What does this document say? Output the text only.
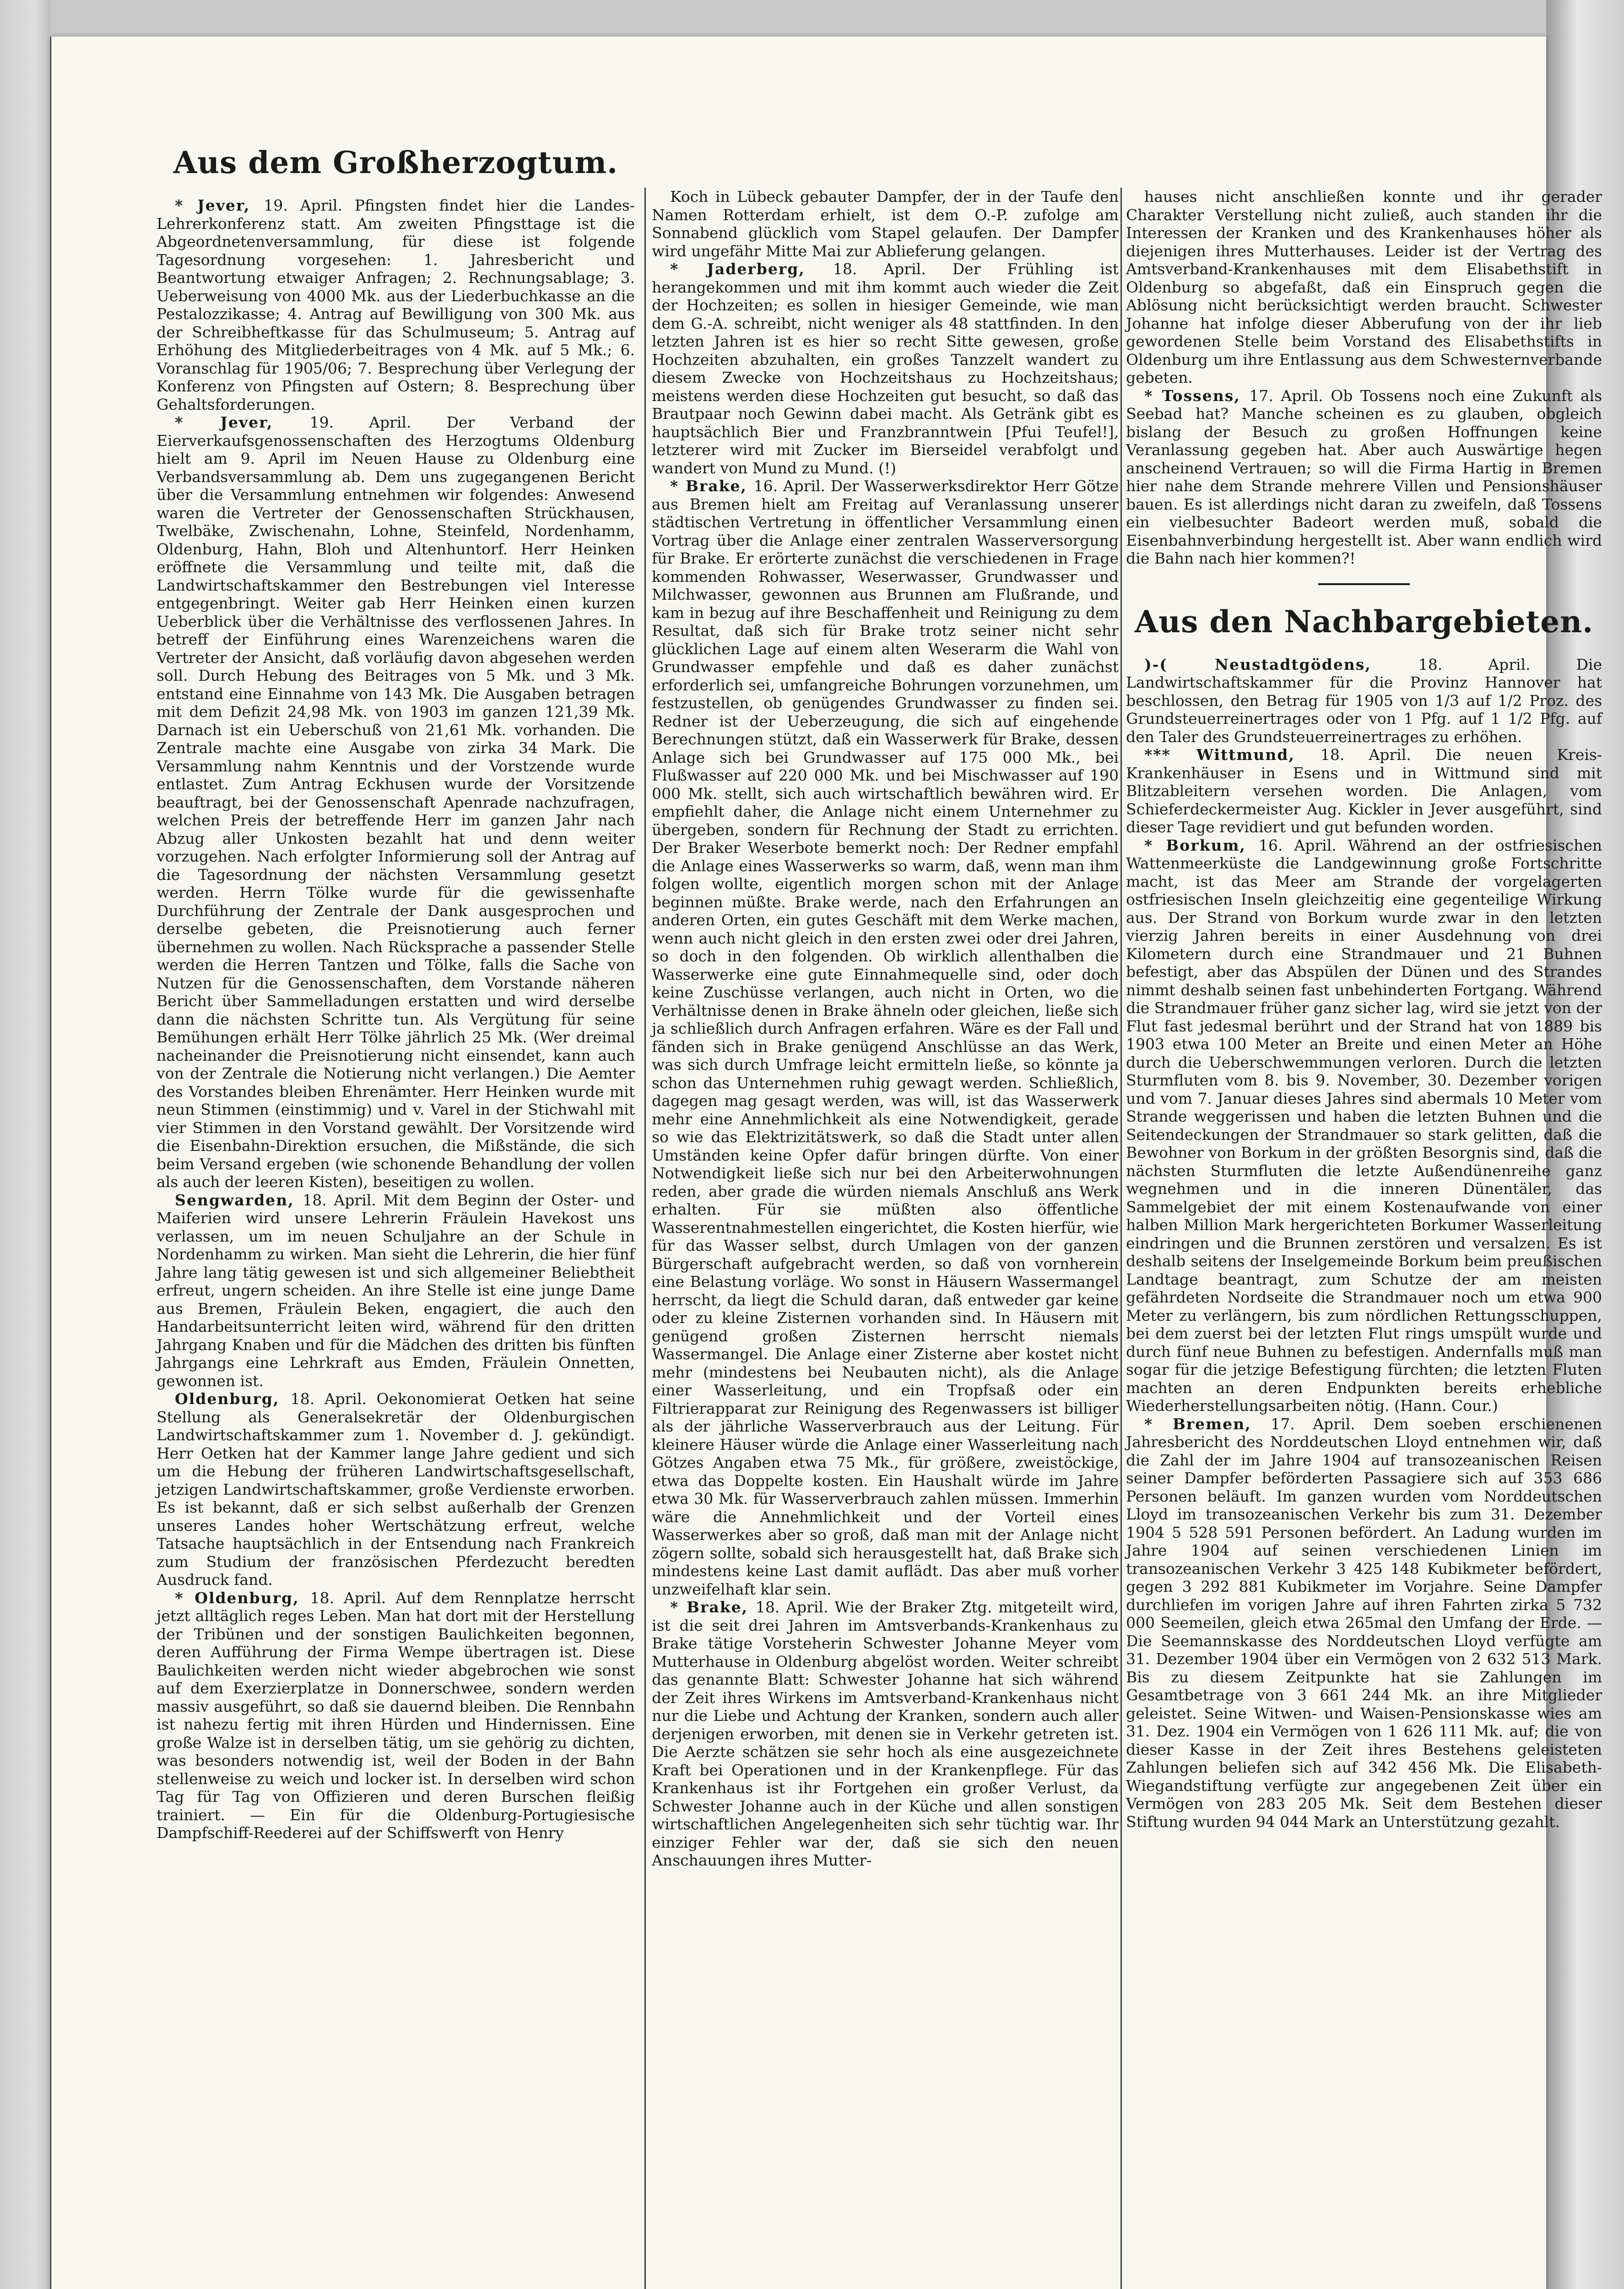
Aus dem Großherzogtum.

* Jever, 19. April. Pfingsten findet hier die Landes-Lehrerkonferenz statt. Am zweiten Pfingsttage ist die Abgeordnetenversammlung, für diese ist folgende Tagesordnung vorgesehen: 1. Jahresbericht und Beantwortung etwaiger Anfragen; 2. Rechnungsablage; 3. Ueberweisung von 4000 Mk. aus der Liederbuchkasse an die Pestalozzikasse; 4. Antrag auf Bewilligung von 300 Mk. aus der Schreibheftkasse für das Schulmuseum; 5. Antrag auf Erhöhung des Mitgliederbeitrages von 4 Mk. auf 5 Mk.; 6. Voranschlag für 1905/06; 7. Besprechung über Verlegung der Konferenz von Pfingsten auf Ostern; 8. Besprechung über Gehaltsforderungen.

* Jever, 19. April. Der Verband der Eierverkaufsgenossenschaften des Herzogtums Oldenburg hielt am 9. April im Neuen Hause zu Oldenburg eine Verbandsversammlung ab. Dem uns zugegangenen Bericht über die Versammlung entnehmen wir folgendes: Anwesend waren die Vertreter der Genossenschaften Strückhausen, Twelbäke, Zwischenahn, Lohne, Steinfeld, Nordenhamm, Oldenburg, Hahn, Bloh und Altenhuntorf. Herr Heinken eröffnete die Versammlung und teilte mit, daß die Landwirtschaftskammer den Bestrebungen viel Interesse entgegenbringt. Weiter gab Herr Heinken einen kurzen Ueberblick über die Verhältnisse des verflossenen Jahres. In betreff der Einführung eines Warenzeichens waren die Vertreter der Ansicht, daß vorläufig davon abgesehen werden soll. Durch Hebung des Beitrages von 5 Mk. und 3 Mk. entstand eine Einnahme von 143 Mk. Die Ausgaben betragen mit dem Defizit 24,98 Mk. von 1903 im ganzen 121,39 Mk. Darnach ist ein Ueberschuß von 21,61 Mk. vorhanden. Die Zentrale machte eine Ausgabe von zirka 34 Mark. Die Versammlung nahm Kenntnis und der Vorstzende wurde entlastet. Zum Antrag Eckhusen wurde der Vorsitzende beauftragt, bei der Genossenschaft Apenrade nachzufragen, welchen Preis der betreffende Herr im ganzen Jahr nach Abzug aller Unkosten bezahlt hat und denn weiter vorzugehen. Nach erfolgter Informierung soll der Antrag auf die Tagesordnung der nächsten Versammlung gesetzt werden. Herrn Tölke wurde für die gewissenhafte Durchführung der Zentrale der Dank ausgesprochen und derselbe gebeten, die Preisnotierung auch ferner übernehmen zu wollen. Nach Rücksprache a passender Stelle werden die Herren Tantzen und Tölke, falls die Sache von Nutzen für die Genossenschaften, dem Vorstande näheren Bericht über Sammelladungen erstatten und wird derselbe dann die nächsten Schritte tun. Als Vergütung für seine Bemühungen erhält Herr Tölke jährlich 25 Mk. (Wer dreimal nacheinander die Preisnotierung nicht einsendet, kann auch von der Zentrale die Notierung nicht verlangen.) Die Aemter des Vorstandes bleiben Ehrenämter. Herr Heinken wurde mit neun Stimmen (einstimmig) und v. Varel in der Stichwahl mit vier Stimmen in den Vorstand gewählt. Der Vorsitzende wird die Eisenbahn-Direktion ersuchen, die Mißstände, die sich beim Versand ergeben (wie schonende Behandlung der vollen als auch der leeren Kisten), beseitigen zu wollen.

Sengwarden, 18. April. Mit dem Beginn der Oster- und Maiferien wird unsere Lehrerin Fräulein Havekost uns verlassen, um im neuen Schuljahre an der Schule in Nordenhamm zu wirken. Man sieht die Lehrerin, die hier fünf Jahre lang tätig gewesen ist und sich allgemeiner Beliebtheit erfreut, ungern scheiden. An ihre Stelle ist eine junge Dame aus Bremen, Fräulein Beken, engagiert, die auch den Handarbeitsunterricht leiten wird, während für den dritten Jahrgang Knaben und für die Mädchen des dritten bis fünften Jahrgangs eine Lehrkraft aus Emden, Fräulein Onnetten, gewonnen ist.

Oldenburg, 18. April. Oekonomierat Oetken hat seine Stellung als Generalsekretär der Oldenburgischen Landwirtschaftskammer zum 1. November d. J. gekündigt. Herr Oetken hat der Kammer lange Jahre gedient und sich um die Hebung der früheren Landwirtschaftsgesellschaft, jetzigen Landwirtschaftskammer, große Verdienste erworben. Es ist bekannt, daß er sich selbst außerhalb der Grenzen unseres Landes hoher Wertschätzung erfreut, welche Tatsache hauptsächlich in der Entsendung nach Frankreich zum Studium der französischen Pferdezucht beredten Ausdruck fand.

* Oldenburg, 18. April. Auf dem Rennplatze herrscht jetzt alltäglich reges Leben. Man hat dort mit der Herstellung der Tribünen und der sonstigen Baulichkeiten begonnen, deren Aufführung der Firma Wempe übertragen ist. Diese Baulichkeiten werden nicht wieder abgebrochen wie sonst auf dem Exerzierplatze in Donnerschwee, sondern werden massiv ausgeführt, so daß sie dauernd bleiben. Die Rennbahn ist nahezu fertig mit ihren Hürden und Hindernissen. Eine große Walze ist in derselben tätig, um sie gehörig zu dichten, was besonders notwendig ist, weil der Boden in der Bahn stellenweise zu weich und locker ist. In derselben wird schon Tag für Tag von Offizieren und deren Burschen fleißig trainiert. — Ein für die Oldenburg-Portugiesische Dampfschiff-Reederei auf der Schiffswerft von Henry

Koch in Lübeck gebauter Dampfer, der in der Taufe den Namen Rotterdam erhielt, ist dem O.-P. zufolge am Sonnabend glücklich vom Stapel gelaufen. Der Dampfer wird ungefähr Mitte Mai zur Ablieferung gelangen.

* Jaderberg, 18. April. Der Frühling ist herangekommen und mit ihm kommt auch wieder die Zeit der Hochzeiten; es sollen in hiesiger Gemeinde, wie man dem G.-A. schreibt, nicht weniger als 48 stattfinden. In den letzten Jahren ist es hier so recht Sitte gewesen, große Hochzeiten abzuhalten, ein großes Tanzzelt wandert zu diesem Zwecke von Hochzeitshaus zu Hochzeitshaus; meistens werden diese Hochzeiten gut besucht, so daß das Brautpaar noch Gewinn dabei macht. Als Getränk gibt es hauptsächlich Bier und Franzbranntwein [Pfui Teufel!], letzterer wird mit Zucker im Bierseidel verabfolgt und wandert von Mund zu Mund. (!)

* Brake, 16. April. Der Wasserwerksdirektor Herr Götze aus Bremen hielt am Freitag auf Veranlassung unserer städtischen Vertretung in öffentlicher Versammlung einen Vortrag über die Anlage einer zentralen Wasserversorgung für Brake. Er erörterte zunächst die verschiedenen in Frage kommenden Rohwasser, Weserwasser, Grundwasser und Milchwasser, gewonnen aus Brunnen am Flußrande, und kam in bezug auf ihre Beschaffenheit und Reinigung zu dem Resultat, daß sich für Brake trotz seiner nicht sehr glücklichen Lage auf einem alten Weserarm die Wahl von Grundwasser empfehle und daß es daher zunächst erforderlich sei, umfangreiche Bohrungen vorzunehmen, um festzustellen, ob genügendes Grundwasser zu finden sei. Redner ist der Ueberzeugung, die sich auf eingehende Berechnungen stützt, daß ein Wasserwerk für Brake, dessen Anlage sich bei Grundwasser auf 175 000 Mk., bei Flußwasser auf 220 000 Mk. und bei Mischwasser auf 190 000 Mk. stellt, sich auch wirtschaftlich bewähren wird. Er empfiehlt daher, die Anlage nicht einem Unternehmer zu übergeben, sondern für Rechnung der Stadt zu errichten. Der Braker Weserbote bemerkt noch: Der Redner empfahl die Anlage eines Wasserwerks so warm, daß, wenn man ihm folgen wollte, eigentlich morgen schon mit der Anlage beginnen müßte. Brake werde, nach den Erfahrungen an anderen Orten, ein gutes Geschäft mit dem Werke machen, wenn auch nicht gleich in den ersten zwei oder drei Jahren, so doch in den folgenden. Ob wirklich allenthalben die Wasserwerke eine gute Einnahmequelle sind, oder doch keine Zuschüsse verlangen, auch nicht in Orten, wo die Verhältnisse denen in Brake ähneln oder gleichen, ließe sich ja schließlich durch Anfragen erfahren. Wäre es der Fall und fänden sich in Brake genügend Anschlüsse an das Werk, was sich durch Umfrage leicht ermitteln ließe, so könnte ja schon das Unternehmen ruhig gewagt werden. Schließlich, dagegen mag gesagt werden, was will, ist das Wasserwerk mehr eine Annehmlichkeit als eine Notwendigkeit, gerade so wie das Elektrizitätswerk, so daß die Stadt unter allen Umständen keine Opfer dafür bringen dürfte. Von einer Notwendigkeit ließe sich nur bei den Arbeiterwohnungen reden, aber grade die würden niemals Anschluß ans Werk erhalten. Für sie müßten also öffentliche Wasserentnahmestellen eingerichtet, die Kosten hierfür, wie für das Wasser selbst, durch Umlagen von der ganzen Bürgerschaft aufgebracht werden, so daß von vornherein eine Belastung vorläge. Wo sonst in Häusern Wassermangel herrscht, da liegt die Schuld daran, daß entweder gar keine oder zu kleine Zisternen vorhanden sind. In Häusern mit genügend großen Zisternen herrscht niemals Wassermangel. Die Anlage einer Zisterne aber kostet nicht mehr (mindestens bei Neubauten nicht), als die Anlage einer Wasserleitung, und ein Tropfsaß oder ein Filtrierapparat zur Reinigung des Regenwassers ist billiger als der jährliche Wasserverbrauch aus der Leitung. Für kleinere Häuser würde die Anlage einer Wasserleitung nach Götzes Angaben etwa 75 Mk., für größere, zweistöckige, etwa das Doppelte kosten. Ein Haushalt würde im Jahre etwa 30 Mk. für Wasserverbrauch zahlen müssen. Immerhin wäre die Annehmlichkeit und der Vorteil eines Wasserwerkes aber so groß, daß man mit der Anlage nicht zögern sollte, sobald sich herausgestellt hat, daß Brake sich mindestens keine Last damit auflädt. Das aber muß vorher unzweifelhaft klar sein.

* Brake, 18. April. Wie der Braker Ztg. mitgeteilt wird, ist die seit drei Jahren im Amtsverbands-Krankenhaus zu Brake tätige Vorsteherin Schwester Johanne Meyer vom Mutterhause in Oldenburg abgelöst worden. Weiter schreibt das genannte Blatt: Schwester Johanne hat sich während der Zeit ihres Wirkens im Amtsverband-Krankenhaus nicht nur die Liebe und Achtung der Kranken, sondern auch aller derjenigen erworben, mit denen sie in Verkehr getreten ist. Die Aerzte schätzen sie sehr hoch als eine ausgezeichnete Kraft bei Operationen und in der Krankenpflege. Für das Krankenhaus ist ihr Fortgehen ein großer Verlust, da Schwester Johanne auch in der Küche und allen sonstigen wirtschaftlichen Angelegenheiten sich sehr tüchtig war. Ihr einziger Fehler war der, daß sie sich den neuen Anschauungen ihres Mutter-

hauses nicht anschließen konnte und ihr gerader Charakter Verstellung nicht zuließ, auch standen ihr die Interessen der Kranken und des Krankenhauses höher als diejenigen ihres Mutterhauses. Leider ist der Vertrag des Amtsverband-Krankenhauses mit dem Elisabethstift in Oldenburg so abgefaßt, daß ein Einspruch gegen die Ablösung nicht berücksichtigt werden braucht. Schwester Johanne hat infolge dieser Abberufung von der ihr lieb gewordenen Stelle beim Vorstand des Elisabethstifts in Oldenburg um ihre Entlassung aus dem Schwesternverbande gebeten.

* Tossens, 17. April. Ob Tossens noch eine Zukunft als Seebad hat? Manche scheinen es zu glauben, obgleich bislang der Besuch zu großen Hoffnungen keine Veranlassung gegeben hat. Aber auch Auswärtige hegen anscheinend Vertrauen; so will die Firma Hartig in Bremen hier nahe dem Strande mehrere Villen und Pensionshäuser bauen. Es ist allerdings nicht daran zu zweifeln, daß Tossens ein vielbesuchter Badeort werden muß, sobald die Eisenbahnverbindung hergestellt ist. Aber wann endlich wird die Bahn nach hier kommen?!

Aus den Nachbargebieten.

)-( Neustadtgödens, 18. April. Die Landwirtschaftskammer für die Provinz Hannover hat beschlossen, den Betrag für 1905 von 1/3 auf 1/2 Proz. des Grundsteuerreinertrages oder von 1 Pfg. auf 1 1/2 Pfg. auf den Taler des Grundsteuerreinertrages zu erhöhen.

*** Wittmund, 18. April. Die neuen Kreis-Krankenhäuser in Esens und in Wittmund sind mit Blitzableitern versehen worden. Die Anlagen, vom Schieferdeckermeister Aug. Kickler in Jever ausgeführt, sind dieser Tage revidiert und gut befunden worden.

* Borkum, 16. April. Während an der ostfriesischen Wattenmeerküste die Landgewinnung große Fortschritte macht, ist das Meer am Strande der vorgelagerten ostfriesischen Inseln gleichzeitig eine gegenteilige Wirkung aus. Der Strand von Borkum wurde zwar in den letzten vierzig Jahren bereits in einer Ausdehnung von drei Kilometern durch eine Strandmauer und 21 Buhnen befestigt, aber das Abspülen der Dünen und des Strandes nimmt deshalb seinen fast unbehinderten Fortgang. Während die Strandmauer früher ganz sicher lag, wird sie jetzt von der Flut fast jedesmal berührt und der Strand hat von 1889 bis 1903 etwa 100 Meter an Breite und einen Meter an Höhe durch die Ueberschwemmungen verloren. Durch die letzten Sturmfluten vom 8. bis 9. November, 30. Dezember vorigen und vom 7. Januar dieses Jahres sind abermals 10 Meter vom Strande weggerissen und haben die letzten Buhnen und die Seitendeckungen der Strandmauer so stark gelitten, daß die Bewohner von Borkum in der größten Besorgnis sind, daß die nächsten Sturmfluten die letzte Außendünenreihe ganz wegnehmen und in die inneren Dünentäler, das Sammelgebiet der mit einem Kostenaufwande von einer halben Million Mark hergerichteten Borkumer Wasserleitung eindringen und die Brunnen zerstören und versalzen. Es ist deshalb seitens der Inselgemeinde Borkum beim preußischen Landtage beantragt, zum Schutze der am meisten gefährdeten Nordseite die Strandmauer noch um etwa 900 Meter zu verlängern, bis zum nördlichen Rettungsschuppen, bei dem zuerst bei der letzten Flut rings umspült wurde und durch fünf neue Buhnen zu befestigen. Andernfalls muß man sogar für die jetzige Befestigung fürchten; die letzten Fluten machten an deren Endpunkten bereits erhebliche Wiederherstellungsarbeiten nötig. (Hann. Cour.)

* Bremen, 17. April. Dem soeben erschienenen Jahresbericht des Norddeutschen Lloyd entnehmen wir, daß die Zahl der im Jahre 1904 auf transozeanischen Reisen seiner Dampfer beförderten Passagiere sich auf 353 686 Personen beläuft. Im ganzen wurden vom Norddeutschen Lloyd im transozeanischen Verkehr bis zum 31. Dezember 1904 5 528 591 Personen befördert. An Ladung wurden im Jahre 1904 auf seinen verschiedenen Linien im transozeanischen Verkehr 3 425 148 Kubikmeter befördert, gegen 3 292 881 Kubikmeter im Vorjahre. Seine Dampfer durchliefen im vorigen Jahre auf ihren Fahrten zirka 5 732 000 Seemeilen, gleich etwa 265mal den Umfang der Erde. — Die Seemannskasse des Norddeutschen Lloyd verfügte am 31. Dezember 1904 über ein Vermögen von 2 632 513 Mark. Bis zu diesem Zeitpunkte hat sie Zahlungen im Gesamtbetrage von 3 661 244 Mk. an ihre Mitglieder geleistet. Seine Witwen- und Waisen-Pensionskasse wies am 31. Dez. 1904 ein Vermögen von 1 626 111 Mk. auf; die von dieser Kasse in der Zeit ihres Bestehens geleisteten Zahlungen beliefen sich auf 342 456 Mk. Die Elisabeth-Wiegandstiftung verfügte zur angegebenen Zeit über ein Vermögen von 283 205 Mk. Seit dem Bestehen dieser Stiftung wurden 94 044 Mark an Unterstützung gezahlt.
